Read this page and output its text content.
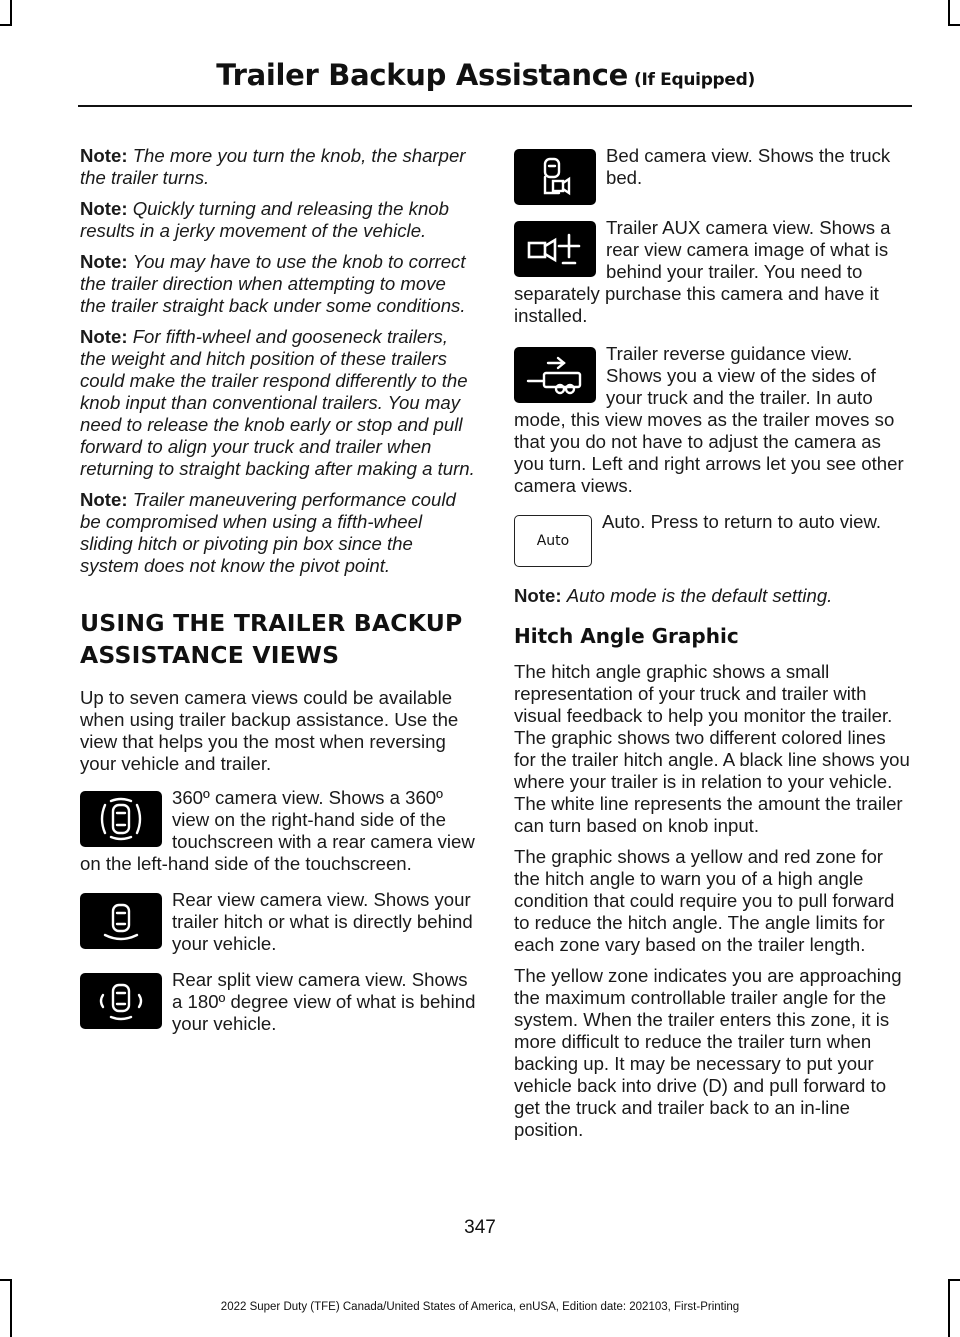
Trailer Backup Assistance (If Equipped)

Note: The more you turn the knob, the sharper the trailer turns.

Note: Quickly turning and releasing the knob results in a jerky movement of the vehicle.

Note: You may have to use the knob to correct the trailer direction when attempting to move the trailer straight back under some conditions.

Note: For fifth-wheel and gooseneck trailers, the weight and hitch position of these trailers could make the trailer respond differently to the knob input than conventional trailers. You may need to release the knob early or stop and pull forward to align your truck and trailer when returning to straight backing after making a turn.

Note: Trailer maneuvering performance could be compromised when using a fifth-wheel sliding hitch or pivoting pin box since the system does not know the pivot point.

USING THE TRAILER BACKUP ASSISTANCE VIEWS

Up to seven camera views could be available when using trailer backup assistance. Use the view that helps you the most when reversing your vehicle and trailer.

360º camera view. Shows a 360º view on the right-hand side of the touchscreen with a rear camera view on the left-hand side of the touchscreen.
Rear view camera view. Shows your trailer hitch or what is directly behind your vehicle.
Rear split view camera view. Shows a 180º degree view of what is behind your vehicle.
Bed camera view. Shows the truck bed.
Trailer AUX camera view. Shows a rear view camera image of what is behind your trailer. You need to separately purchase this camera and have it installed.
Trailer reverse guidance view. Shows you a view of the sides of your truck and the trailer. In auto mode, this view moves as the trailer moves so that you do not have to adjust the camera as you turn. Left and right arrows let you see other camera views.
Auto
Auto. Press to return to auto view.

Note: Auto mode is the default setting.

Hitch Angle Graphic

The hitch angle graphic shows a small representation of your truck and trailer with visual feedback to help you monitor the trailer. The graphic shows two different colored lines for the trailer hitch angle. A black line shows you where your trailer is in relation to your vehicle. The white line represents the amount the trailer can turn based on knob input.

The graphic shows a yellow and red zone for the hitch angle to warn you of a high angle condition that could require you to pull forward to reduce the hitch angle. The angle limits for each zone vary based on the trailer length.

The yellow zone indicates you are approaching the maximum controllable trailer angle for the system. When the trailer enters this zone, it is more difficult to reduce the trailer turn when backing up. It may be necessary to put your vehicle back into drive (D) and pull forward to get the truck and trailer back to an in-line position.

347
2022 Super Duty (TFE) Canada/United States of America, enUSA, Edition date: 202103, First-Printing
